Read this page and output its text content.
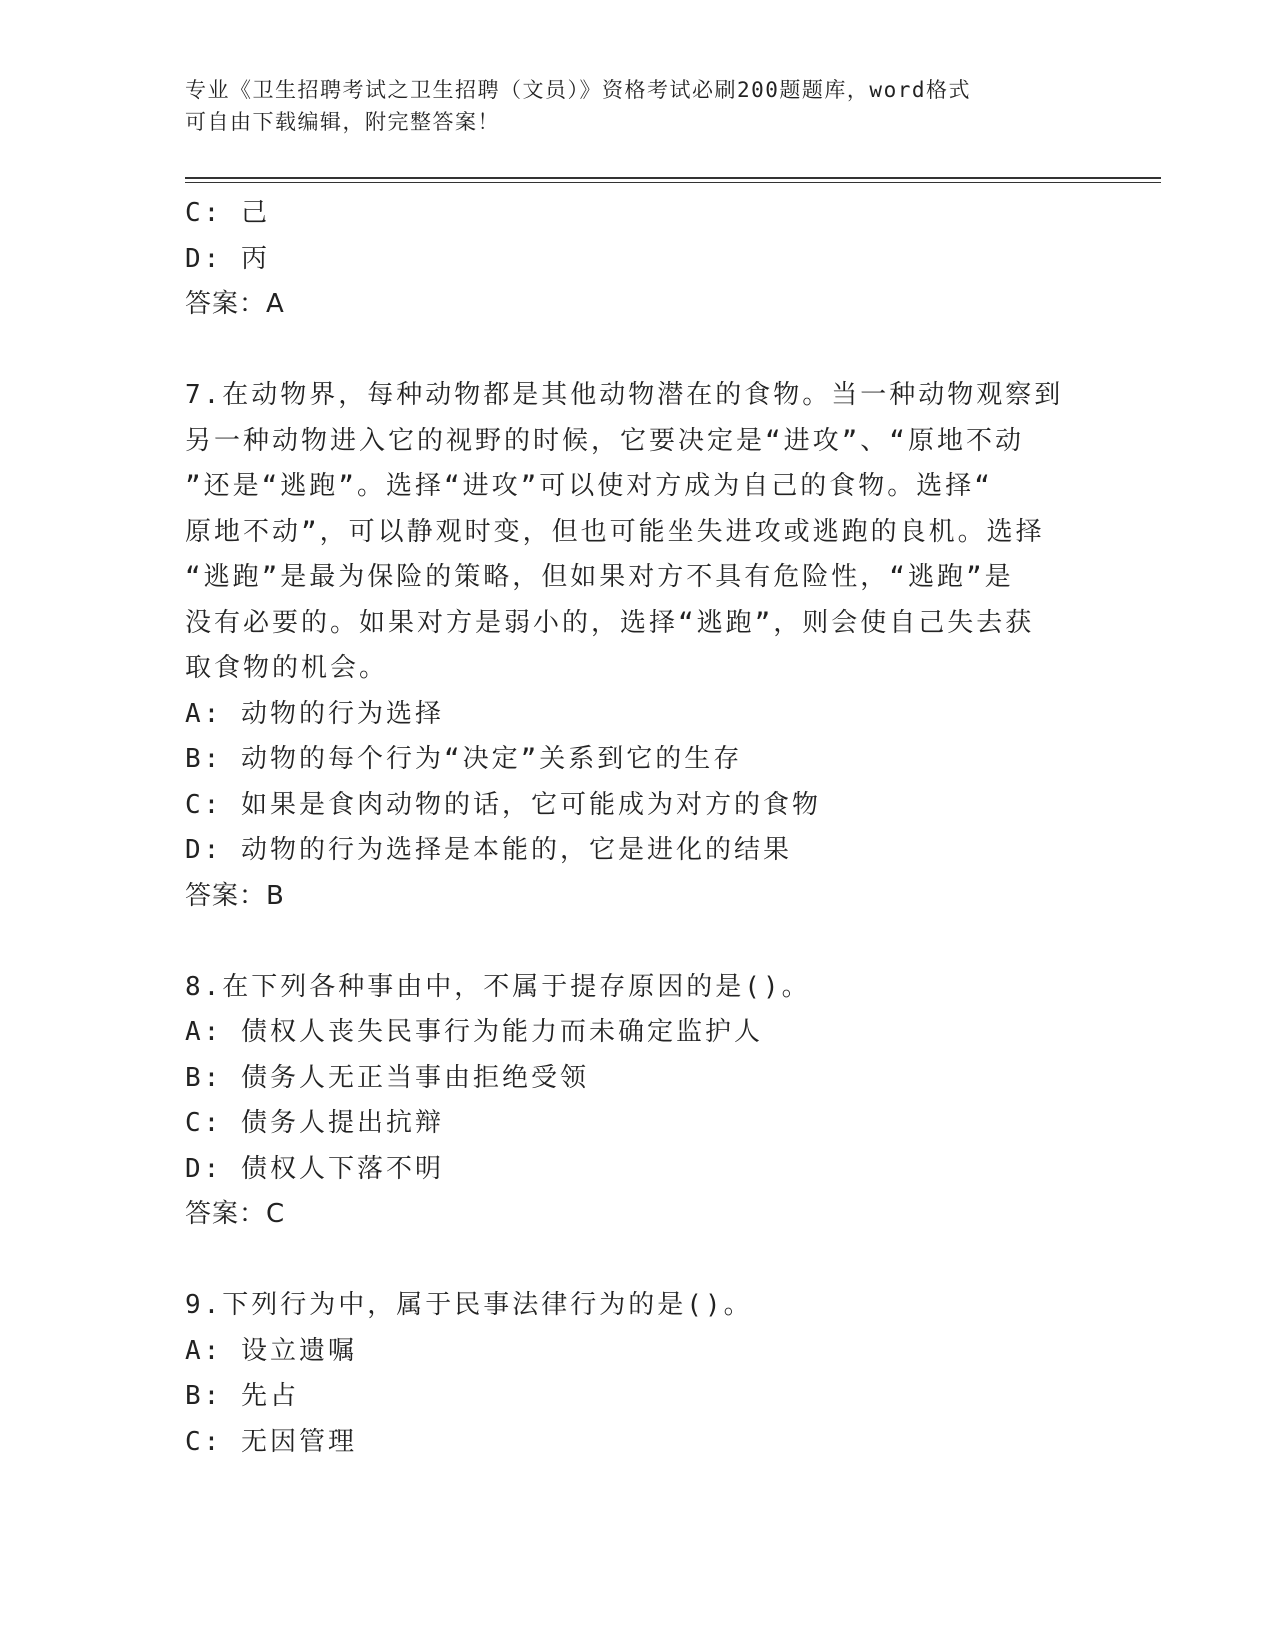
专业《卫生招聘考试之卫生招聘（文员）》资格考试必刷200题题库，word格式
可自由下载编辑，附完整答案！
C: 己
D: 丙
答案：A
7.在动物界，每种动物都是其他动物潜在的食物。当一种动物观察到
另一种动物进入它的视野的时候，它要决定是“进攻”、“原地不动
”还是“逃跑”。选择“进攻”可以使对方成为自己的食物。选择“
原地不动”，可以静观时变，但也可能坐失进攻或逃跑的良机。选择
“逃跑”是最为保险的策略，但如果对方不具有危险性，“逃跑”是
没有必要的。如果对方是弱小的，选择“逃跑”，则会使自己失去获
取食物的机会。
A: 动物的行为选择
B: 动物的每个行为“决定”关系到它的生存
C: 如果是食肉动物的话，它可能成为对方的食物
D: 动物的行为选择是本能的，它是进化的结果
答案：B
8.在下列各种事由中，不属于提存原因的是()。
A: 债权人丧失民事行为能力而未确定监护人
B: 债务人无正当事由拒绝受领
C: 债务人提出抗辩
D: 债权人下落不明
答案：C
9.下列行为中，属于民事法律行为的是()。
A: 设立遗嘱
B: 先占
C: 无因管理
